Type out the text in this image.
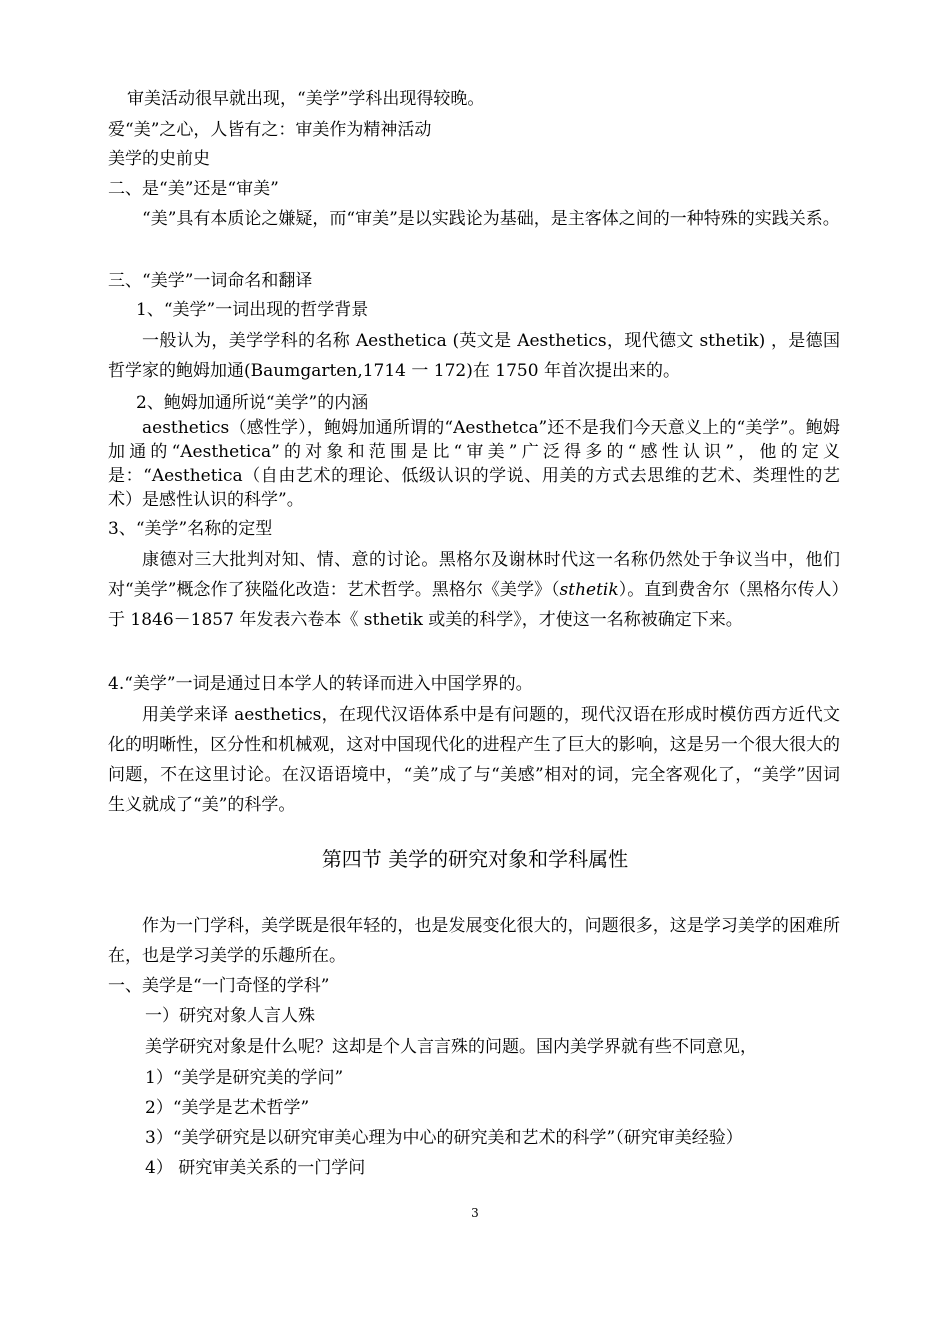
审美活动很早就出现，“美学”学科出现得较晚。
爱“美”之心，人皆有之：审美作为精神活动
美学的史前史
二、是“美”还是“审美”
“美”具有本质论之嫌疑，而“审美”是以实践论为基础，是主客体之间的一种特殊的实践关系。
三、“美学”一词命名和翻译
1、“美学”一词出现的哲学背景
一般认为，美学学科的名称 Aesthetica (英文是 Aesthetics，现代德文 sthetik) ，是德国哲学家的鲍姆加通(Baumgarten,1714 一 172)在 1750 年首次提出来的。
2、鲍姆加通所说“美学”的内涵
aesthetics（感性学），鲍姆加通所谓的“Aesthetca”还不是我们今天意义上的“美学”。鲍姆加通的“Aesthetica”的对象和范围是比“审美”广泛得多的“感性认识”，他的定义是：“Aesthetica（自由艺术的理论、低级认识的学说、用美的方式去思维的艺术、类理性的艺术）是感性认识的科学”。
3、“美学”名称的定型
康德对三大批判对知、情、意的讨论。黑格尔及谢林时代这一名称仍然处于争议当中，他们对“美学”概念作了狭隘化改造：艺术哲学。黑格尔《美学》（sthetik）。直到费舍尔（黑格尔传人）于 1846－1857 年发表六卷本《 sthetik 或美的科学》，才使这一名称被确定下来。
4.“美学”一词是通过日本学人的转译而进入中国学界的。
用美学来译 aesthetics，在现代汉语体系中是有问题的，现代汉语在形成时模仿西方近代文化的明晰性，区分性和机械观，这对中国现代化的进程产生了巨大的影响，这是另一个很大很大的问题，不在这里讨论。在汉语语境中，“美”成了与“美感”相对的词，完全客观化了，“美学”因词生义就成了“美”的科学。
第四节 美学的研究对象和学科属性
作为一门学科，美学既是很年轻的，也是发展变化很大的，问题很多，这是学习美学的困难所在，也是学习美学的乐趣所在。
一、美学是“一门奇怪的学科”
一）研究对象人言人殊
美学研究对象是什么呢？这却是个人言言殊的问题。国内美学界就有些不同意见，
1）“美学是研究美的学问”
2）“美学是艺术哲学”
3）“美学研究是以研究审美心理为中心的研究美和艺术的科学”（研究审美经验）
4） 研究审美关系的一门学问
3
